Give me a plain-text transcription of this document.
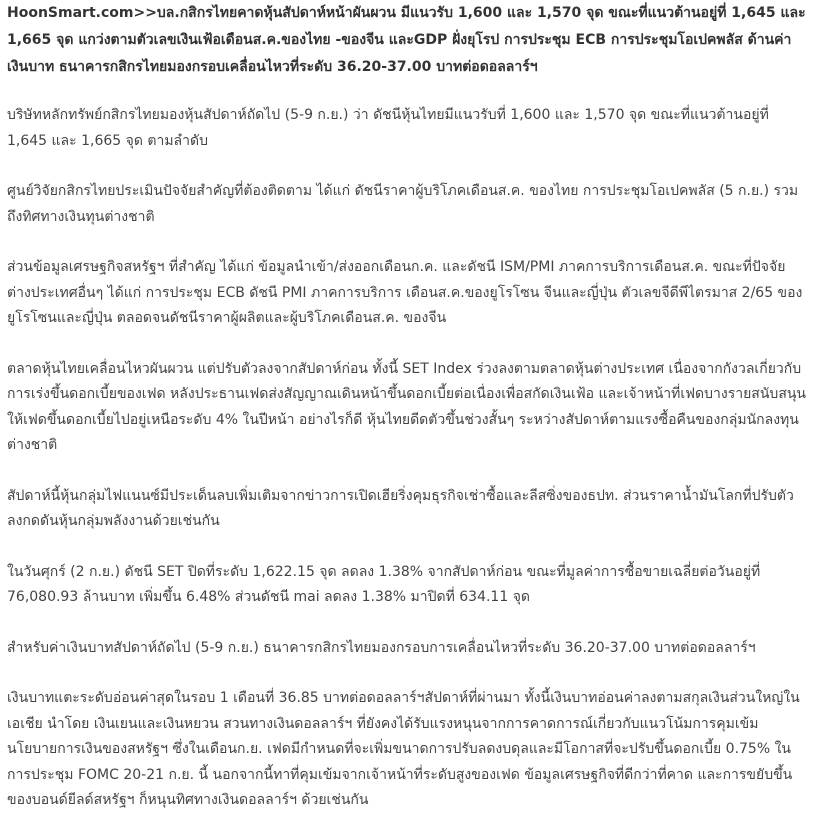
HoonSmart.com>>บล.กสิกรไทยคาดหุ้นสัปดาห์หน้าผันผวน มีแนวรับ 1,600 และ 1,570 จุด ขณะที่แนวต้านอยู่ที่ 1,645 และ 1,665 จุด แกว่งตามตัวเลขเงินเฟ้อเดือนส.ค.ของไทย -ของจีน และGDP ฝั่งยุโรป การประชุม ECB การประชุมโอเปคพลัส ด้านค่าเงินบาท ธนาคารกสิกรไทยมองกรอบเคลื่อนไหวที่ระดับ 36.20-37.00 บาทต่อดอลลาร์ฯ

บริษัทหลักทรัพย์กสิกรไทยมองหุ้นสัปดาห์ถัดไป (5-9 ก.ย.) ว่า ดัชนีหุ้นไทยมีแนวรับที่ 1,600 และ 1,570 จุด ขณะที่แนวต้านอยู่ที่ 1,645 และ 1,665 จุด ตามลำดับ

ศูนย์วิจัยกสิกรไทยประเมินปัจจัยสำคัญที่ต้องติดตาม ได้แก่ ดัชนีราคาผู้บริโภคเดือนส.ค. ของไทย การประชุมโอเปคพลัส (5 ก.ย.) รวมถึงทิศทางเงินทุนต่างชาติ

ส่วนข้อมูลเศรษฐกิจสหรัฐฯ ที่สำคัญ ได้แก่ ข้อมูลนำเข้า/ส่งออกเดือนก.ค. และดัชนี ISM/PMI ภาคการบริการเดือนส.ค. ขณะที่ปัจจัยต่างประเทศอื่นๆ ได้แก่ การประชุม ECB ดัชนี PMI ภาคการบริการ เดือนส.ค.ของยูโรโซน จีนและญี่ปุ่น ตัวเลขจีดีพีไตรมาส 2/65 ของยูโรโซนและญี่ปุ่น ตลอดจนดัชนีราคาผู้ผลิตและผู้บริโภคเดือนส.ค. ของจีน

ตลาดหุ้นไทยเคลื่อนไหวผันผวน แต่ปรับตัวลงจากสัปดาห์ก่อน ทั้งนี้ SET Index ร่วงลงตามตลาดหุ้นต่างประเทศ เนื่องจากกังวลเกี่ยวกับการเร่งขึ้นดอกเบี้ยของเฟด หลังประธานเฟดส่งสัญญาณเดินหน้าขึ้นดอกเบี้ยต่อเนื่องเพื่อสกัดเงินเฟ้อ และเจ้าหน้าที่เฟดบางรายสนับสนุนให้เฟดขึ้นดอกเบี้ยไปอยู่เหนือระดับ 4% ในปีหน้า อย่างไรก็ดี หุ้นไทยดีดตัวขึ้นช่วงสั้นๆ ระหว่างสัปดาห์ตามแรงซื้อคืนของกลุ่มนักลงทุนต่างชาติ

สัปดาห์นี้หุ้นกลุ่มไฟแนนซ์มีประเด็นลบเพิ่มเติมจากข่าวการเปิดเฮียริ่งคุมธุรกิจเช่าซื้อและลีสซิ่งของธปท. ส่วนราคาน้ำมันโลกที่ปรับตัวลงกดดันหุ้นกลุ่มพลังงานด้วยเช่นกัน

ในวันศุกร์ (2 ก.ย.) ดัชนี SET ปิดที่ระดับ 1,622.15 จุด ลดลง 1.38% จากสัปดาห์ก่อน ขณะที่มูลค่าการซื้อขายเฉลี่ยต่อวันอยู่ที่ 76,080.93 ล้านบาท เพิ่มขึ้น 6.48% ส่วนดัชนี mai ลดลง 1.38% มาปิดที่ 634.11 จุด

สำหรับค่าเงินบาทสัปดาห์ถัดไป (5-9 ก.ย.) ธนาคารกสิกรไทยมองกรอบการเคลื่อนไหวที่ระดับ 36.20-37.00 บาทต่อดอลลาร์ฯ

เงินบาทแตะระดับอ่อนค่าสุดในรอบ 1 เดือนที่ 36.85 บาทต่อดอลลาร์ฯสัปดาห์ที่ผ่านมา ทั้งนี้เงินบาทอ่อนค่าลงตามสกุลเงินส่วนใหญ่ในเอเชีย นำโดย เงินเยนและเงินหยวน สวนทางเงินดอลลาร์ฯ ที่ยังคงได้รับแรงหนุนจากการคาดการณ์เกี่ยวกับแนวโน้มการคุมเข้มนโยบายการเงินของสหรัฐฯ ซึ่งในเดือนก.ย. เฟดมีกำหนดที่จะเพิ่มขนาดการปรับลดงบดุลและมีโอกาสที่จะปรับขึ้นดอกเบี้ย 0.75% ในการประชุม FOMC 20-21 ก.ย. นี้ นอกจากนี้ทาที่คุมเข้มจากเจ้าหน้าที่ระดับสูงของเฟด ข้อมูลเศรษฐกิจที่ดีกว่าที่คาด และการขยับขึ้นของบอนด์ยีลด์สหรัฐฯ ก็หนุนทิศทางเงินดอลลาร์ฯ ด้วยเช่นกัน
